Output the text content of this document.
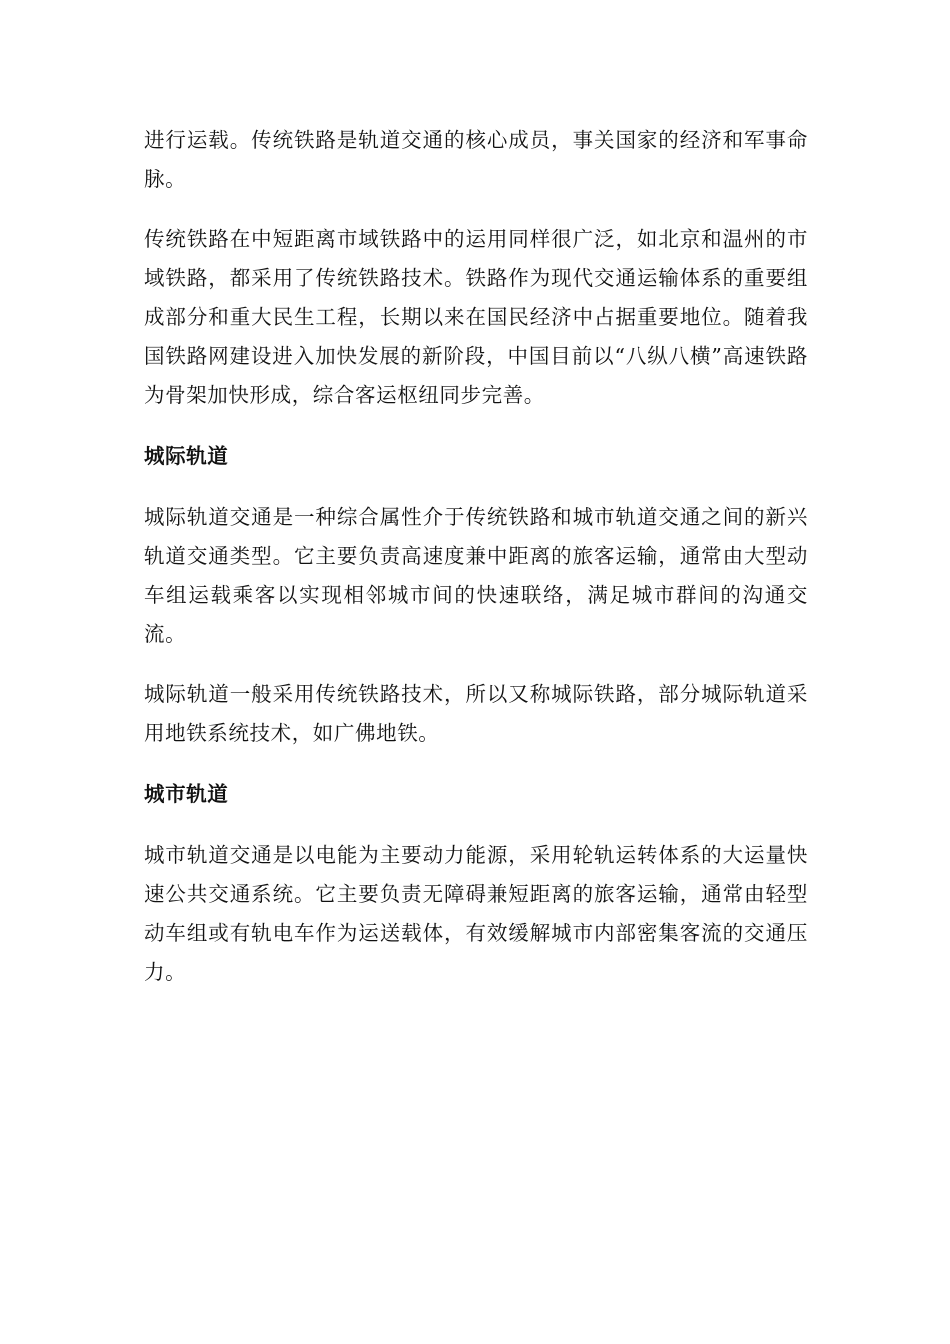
进行运载。传统铁路是轨道交通的核心成员，事关国家的经济和军事命脉。

传统铁路在中短距离市域铁路中的运用同样很广泛，如北京和温州的市域铁路，都采用了传统铁路技术。铁路作为现代交通运输体系的重要组成部分和重大民生工程，长期以来在国民经济中占据重要地位。随着我国铁路网建设进入加快发展的新阶段，中国目前以“八纵八横”高速铁路为骨架加快形成，综合客运枢纽同步完善。

城际轨道

城际轨道交通是一种综合属性介于传统铁路和城市轨道交通之间的新兴轨道交通类型。它主要负责高速度兼中距离的旅客运输，通常由大型动车组运载乘客以实现相邻城市间的快速联络，满足城市群间的沟通交流。

城际轨道一般采用传统铁路技术，所以又称城际铁路，部分城际轨道采用地铁系统技术，如广佛地铁。

城市轨道

城市轨道交通是以电能为主要动力能源，采用轮轨运转体系的大运量快速公共交通系统。它主要负责无障碍兼短距离的旅客运输，通常由轻型动车组或有轨电车作为运送载体，有效缓解城市内部密集客流的交通压力。
